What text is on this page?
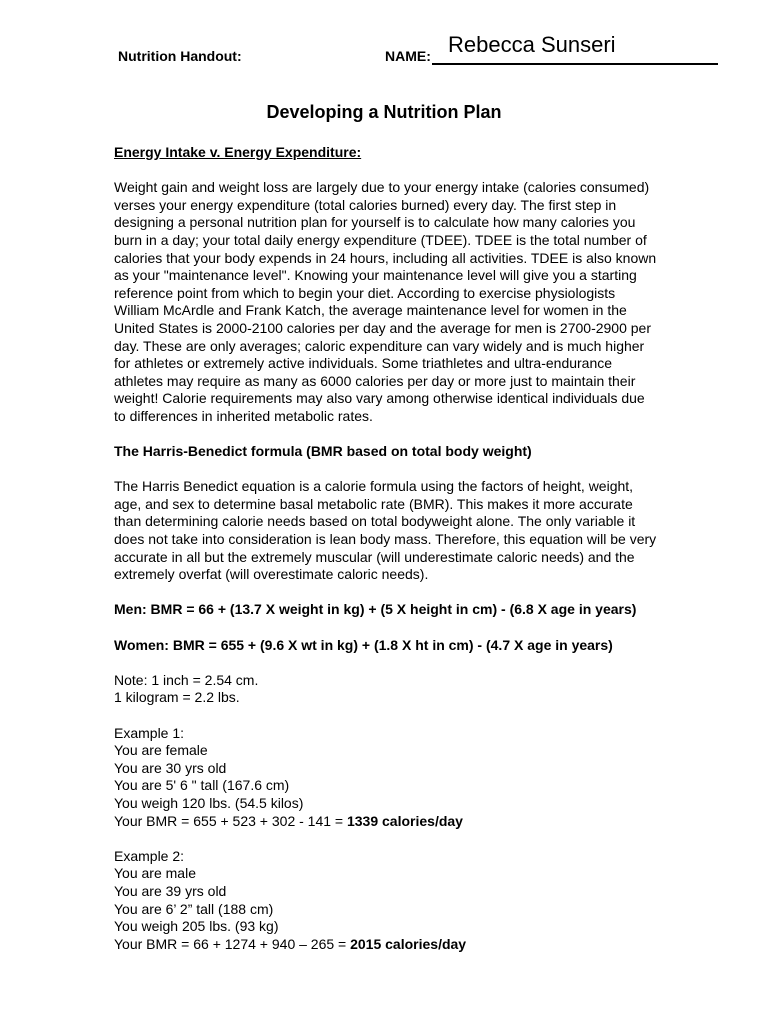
Nutrition Handout:	NAME: Rebecca Sunseri
Developing a Nutrition Plan

Energy Intake v. Energy Expenditure:

Weight gain and weight loss are largely due to your energy intake (calories consumed)

verses your energy expenditure (total calories burned) every day. The first step in

designing a personal nutrition plan for yourself is to calculate how many calories you

burn in a day; your total daily energy expenditure (TDEE). TDEE is the total number of

calories that your body expends in 24 hours, including all activities. TDEE is also known

as your "maintenance level". Knowing your maintenance level will give you a starting

reference point from which to begin your diet. According to exercise physiologists

William McArdle and Frank Katch, the average maintenance level for women in the

United States is 2000-2100 calories per day and the average for men is 2700-2900 per

day. These are only averages; caloric expenditure can vary widely and is much higher

for athletes or extremely active individuals. Some triathletes and ultra-endurance

athletes may require as many as 6000 calories per day or more just to maintain their

weight! Calorie requirements may also vary among otherwise identical individuals due

to differences in inherited metabolic rates.

The Harris-Benedict formula (BMR based on total body weight)

The Harris Benedict equation is a calorie formula using the factors of height, weight,

age, and sex to determine basal metabolic rate (BMR). This makes it more accurate

than determining calorie needs based on total bodyweight alone. The only variable it

does not take into consideration is lean body mass. Therefore, this equation will be very

accurate in all but the extremely muscular (will underestimate caloric needs) and the

extremely overfat (will overestimate caloric needs).

Men: BMR = 66 + (13.7 X weight in kg) + (5 X height in cm) - (6.8 X age in years)

Women: BMR = 655 + (9.6 X wt in kg) + (1.8 X ht in cm) - (4.7 X age in years)

Note: 1 inch = 2.54 cm.

1 kilogram = 2.2 lbs.

Example 1:

You are female

You are 30 yrs old

You are 5' 6 " tall (167.6 cm)

You weigh 120 lbs. (54.5 kilos)

Your BMR = 655 + 523 + 302 - 141 = 1339 calories/day

Example 2:

You are male

You are 39 yrs old

You are 6’ 2” tall (188 cm)

You weigh 205 lbs. (93 kg)

Your BMR = 66 + 1274 + 940 – 265 = 2015 calories/day
